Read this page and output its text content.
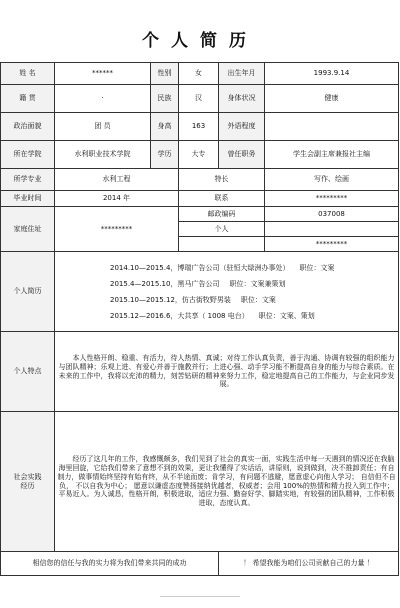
个人简历
姓 名	******	性别	女	出生年月	1993.9.14
籍 贯	·	民族	汉	身体状况	健康
政治面貌	团 员	身高	163	外语程度	
所在学院	水利职业技术学院	学历	大专	曾任职务	学生会副主席兼报社主编
所学专业	水利工程		特长		写作、绘画
毕业时间	2014 年		联系		*********
家庭住址	*********		邮政编码		037008
			个人		
					*********
个人简历	2014.10—2015.4，博瑞广告公司（驻恒大绿洲办事处） 职位：文案
2015.4—2015.10，黑马广告公司 职位：文案兼策划
2015.10—2015.12，仿古街牧野男装 职位：文案
2015.12—2016.6，大共享（ 1008 电台） 职位：文案、策划				

个人特点	本人性格开朗、稳重、有活力，待人热情、真诚；对待工作认真负责，善于沟通、协调有较强的组织能力与团队精神；乐观上进、有爱心并善于施教并行；上进心强、动手学习能不断提高自身的能力与综合素质。在未来的工作中，我将以充沛的精力，刻苦钻研的精神来努力工作，稳定地提高自己的工作能力，与企业同步发展。				

社会实践
经历	经历了这几年的工作，我感慨颇多，我们见到了社会的真实一面，实践生活中每一天遇到的情况还在我脑海里回旋，它给我们带来了意想不到的效果，更让我懂得了实话话，讲原则，说到做到，决不推卸责任；有自制力，做事情始终坚持有始有终，从不半途而废；肯学习，有问题不逃避，愿意虚心向他人学习； 自信但不自负， 不以自我为中心； 愿意以谦虚态度赞扬接纳优越者，权威者；会用 100%的热情和精力投入到工作中；平易近人。为人诚恳，性格开朗，积极进取，适应力强、勤奋好学、脚踏实地，有较强的团队精神，工作积极进取，态度认真。				

相信您的信任与我的实力将为我们带来共同的成功				！ 希望我能为咱们公司贡献自己的力量 ！	
